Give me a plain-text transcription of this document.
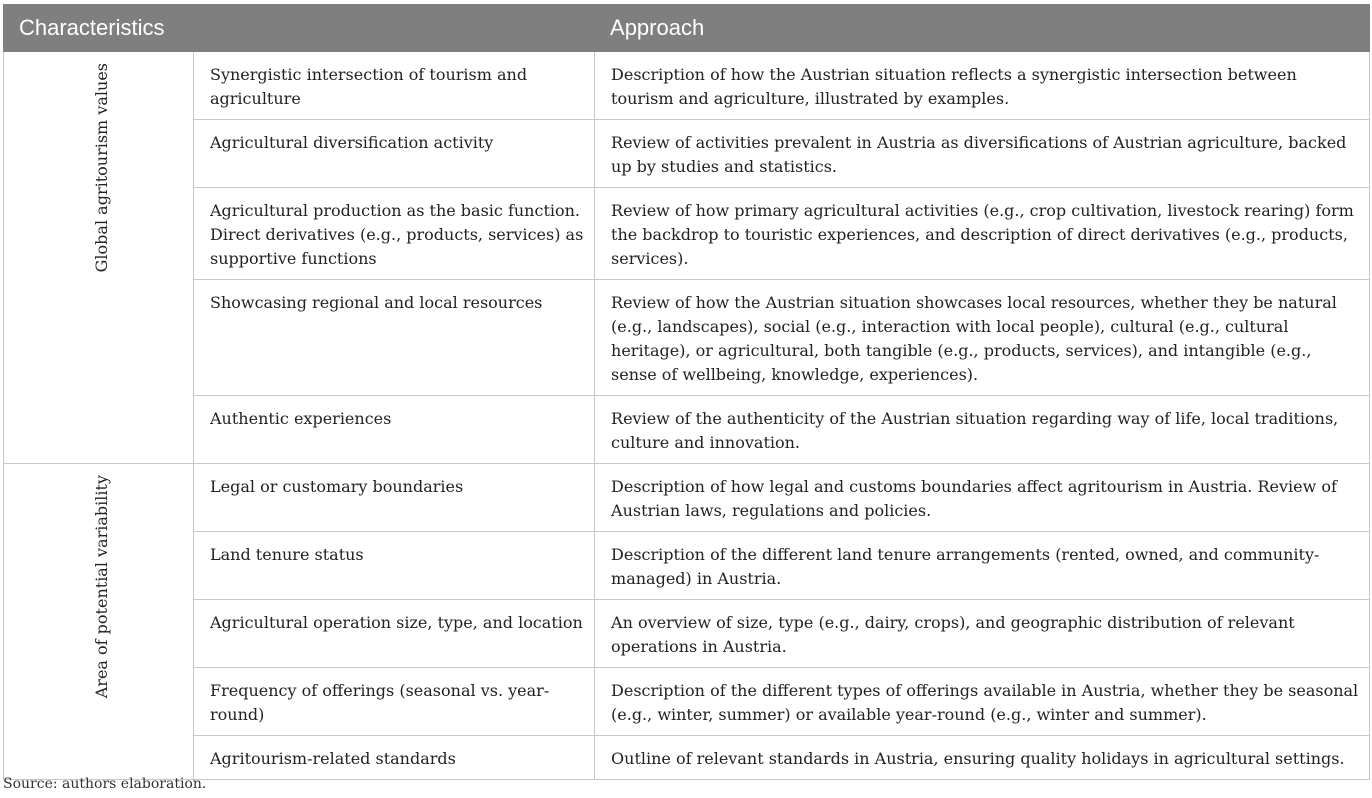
Characteristics		Approach
Global agritourism values	Synergistic intersection of tourism and agriculture	Description of how the Austrian situation reflects a synergistic intersection between tourism and agriculture, illustrated by examples.
	Agricultural diversification activity	Review of activities prevalent in Austria as diversifications of Austrian agriculture, backed up by studies and statistics.
	Agricultural production as the basic function. Direct derivatives (e.g., products, services) as supportive functions	Review of how primary agricultural activities (e.g., crop cultivation, livestock rearing) form the backdrop to touristic experiences, and description of direct derivatives (e.g., products, services).
	Showcasing regional and local resources	Review of how the Austrian situation showcases local resources, whether they be natural (e.g., landscapes), social (e.g., interaction with local people), cultural (e.g., cultural heritage), or agricultural, both tangible (e.g., products, services), and intangible (e.g., sense of wellbeing, knowledge, experiences).
	Authentic experiences	Review of the authenticity of the Austrian situation regarding way of life, local traditions, culture and innovation.
Area of potential variability	Legal or customary boundaries	Description of how legal and customs boundaries affect agritourism in Austria. Review of Austrian laws, regulations and policies.
	Land tenure status	Description of the different land tenure arrangements (rented, owned, and community-managed) in Austria.
	Agricultural operation size, type, and location	An overview of size, type (e.g., dairy, crops), and geographic distribution of relevant operations in Austria.
	Frequency of offerings (seasonal vs. year-round)	Description of the different types of offerings available in Austria, whether they be seasonal (e.g., winter, summer) or available year-round (e.g., winter and summer).
	Agritourism-related standards	Outline of relevant standards in Austria, ensuring quality holidays in agricultural settings.
Source: authors elaboration.
